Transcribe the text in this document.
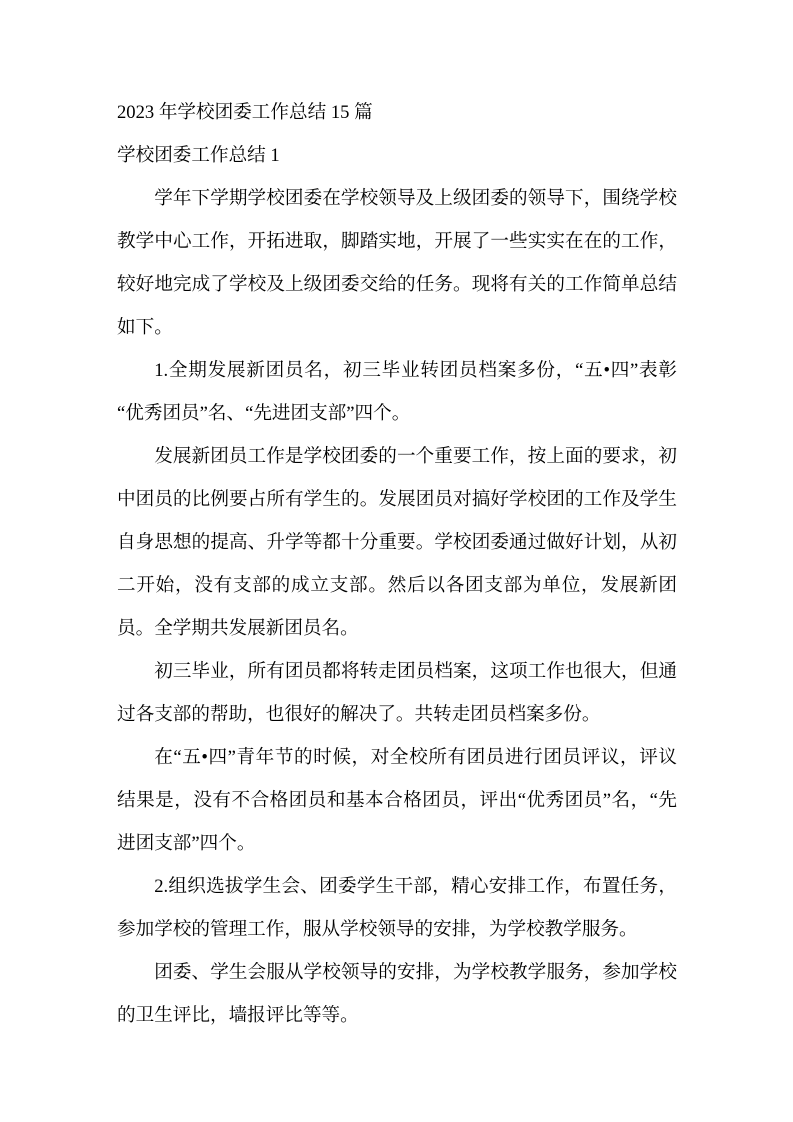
2023 年学校团委工作总结 15 篇
学校团委工作总结 1

学年下学期学校团委在学校领导及上级团委的领导下，围绕学校教学中心工作，开拓进取，脚踏实地，开展了一些实实在在的工作，较好地完成了学校及上级团委交给的任务。现将有关的工作简单总结如下。

1.全期发展新团员名，初三毕业转团员档案多份，“五•四”表彰“优秀团员”名、“先进团支部”四个。

发展新团员工作是学校团委的一个重要工作，按上面的要求，初中团员的比例要占所有学生的。发展团员对搞好学校团的工作及学生自身思想的提高、升学等都十分重要。学校团委通过做好计划，从初二开始，没有支部的成立支部。然后以各团支部为单位，发展新团员。全学期共发展新团员名。

初三毕业，所有团员都将转走团员档案，这项工作也很大，但通过各支部的帮助，也很好的解决了。共转走团员档案多份。

在“五•四”青年节的时候，对全校所有团员进行团员评议，评议结果是，没有不合格团员和基本合格团员，评出“优秀团员”名，“先进团支部”四个。

2.组织选拔学生会、团委学生干部，精心安排工作，布置任务，参加学校的管理工作，服从学校领导的安排，为学校教学服务。

团委、学生会服从学校领导的安排，为学校教学服务，参加学校的卫生评比，墙报评比等等。
